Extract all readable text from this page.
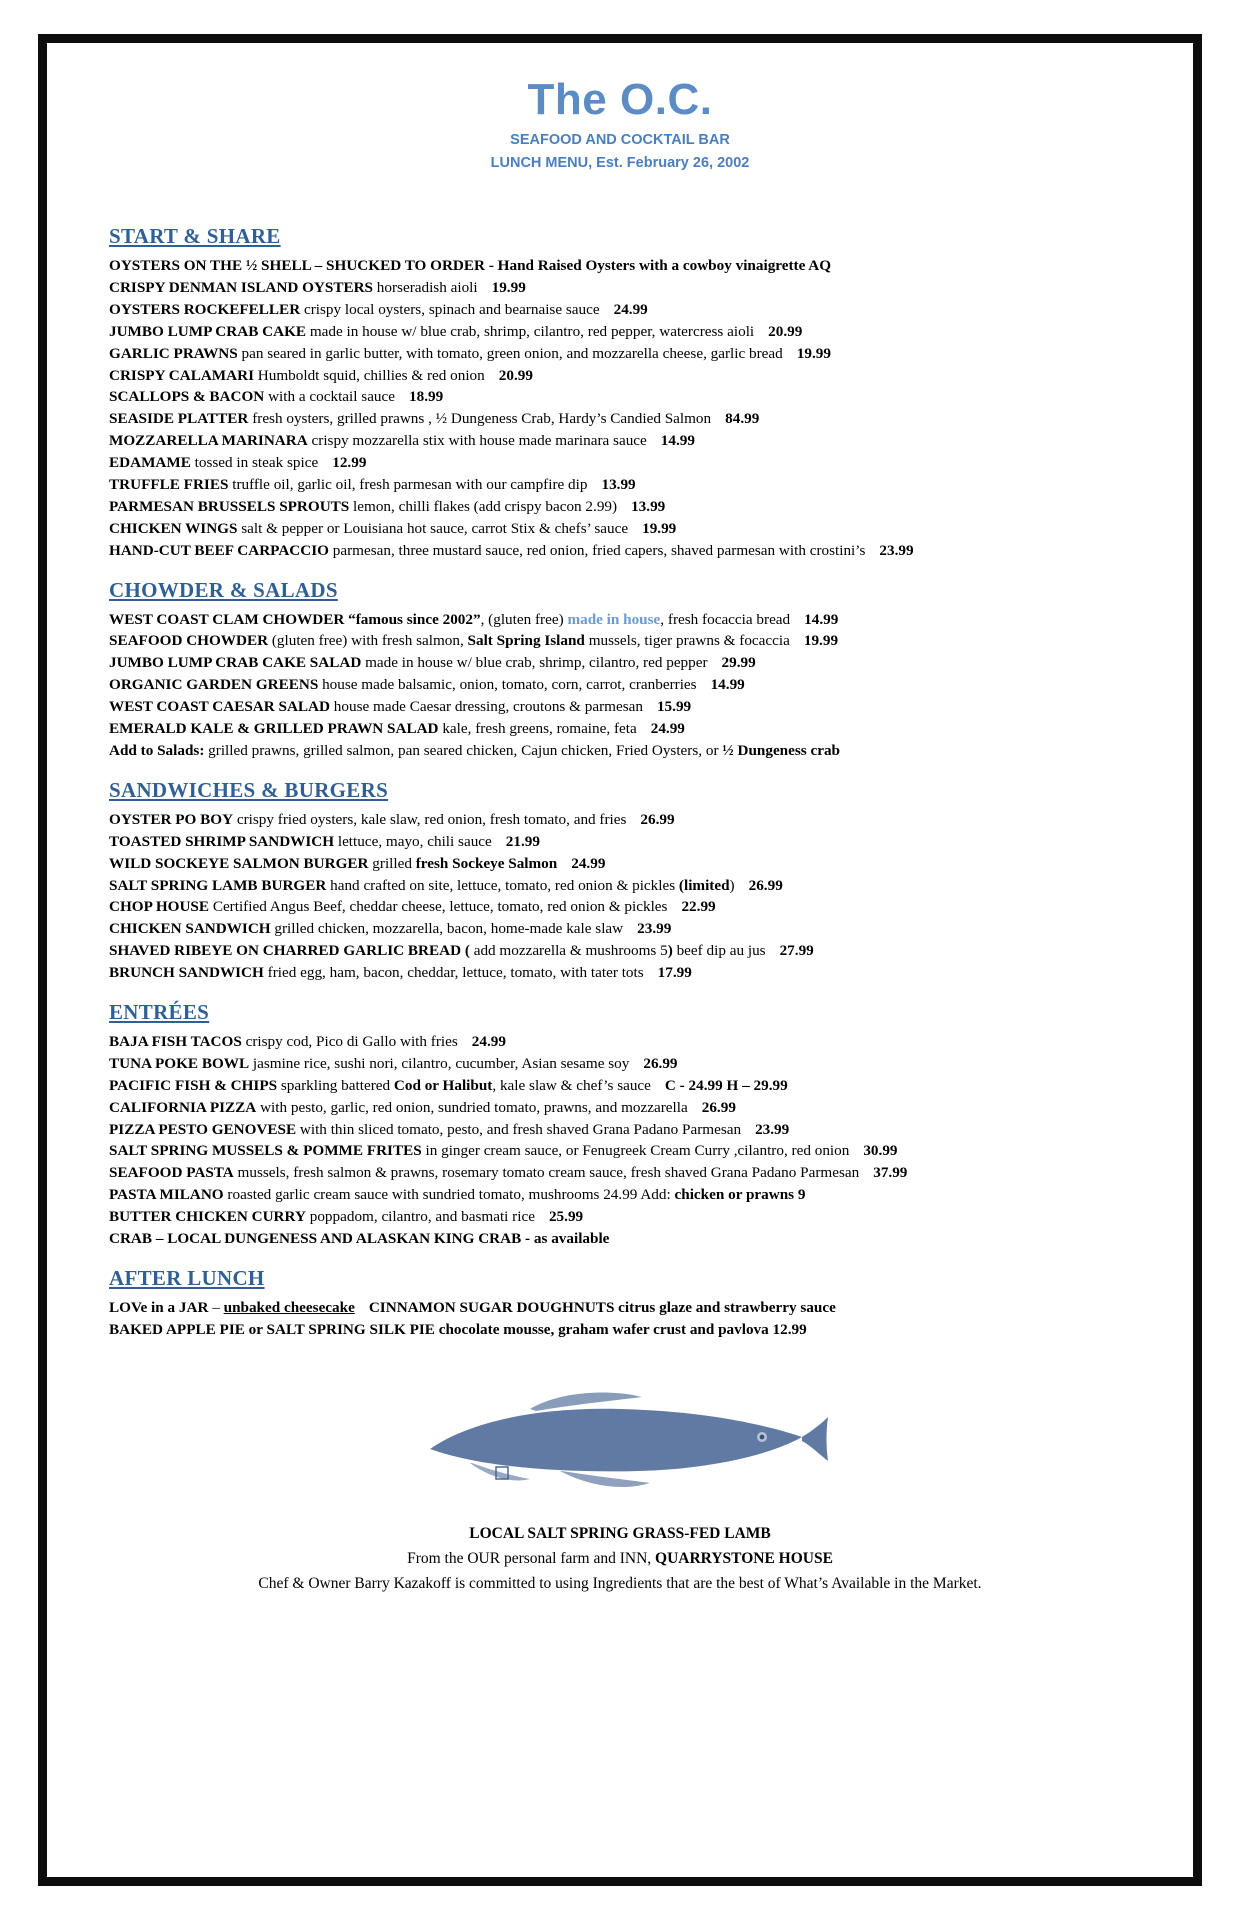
The O.C.
SEAFOOD AND COCKTAIL BAR
LUNCH MENU, Est. February 26, 2002
START & SHARE
OYSTERS ON THE ½ SHELL – SHUCKED TO ORDER - Hand Raised Oysters with a cowboy vinaigrette AQ
CRISPY DENMAN ISLAND OYSTERS horseradish aioli 19.99
OYSTERS ROCKEFELLER crispy local oysters, spinach and bearnaise sauce 24.99
JUMBO LUMP CRAB CAKE made in house w/ blue crab, shrimp, cilantro, red pepper, watercress aioli 20.99
GARLIC PRAWNS pan seared in garlic butter, with tomato, green onion, and mozzarella cheese, garlic bread 19.99
CRISPY CALAMARI Humboldt squid, chillies & red onion 20.99
SCALLOPS & BACON with a cocktail sauce 18.99
SEASIDE PLATTER fresh oysters, grilled prawns , ½ Dungeness Crab, Hardy’s Candied Salmon 84.99
MOZZARELLA MARINARA crispy mozzarella stix with house made marinara sauce 14.99
EDAMAME tossed in steak spice 12.99
TRUFFLE FRIES truffle oil, garlic oil, fresh parmesan with our campfire dip 13.99
PARMESAN BRUSSELS SPROUTS lemon, chilli flakes (add crispy bacon 2.99) 13.99
CHICKEN WINGS salt & pepper or Louisiana hot sauce, carrot Stix & chefs’ sauce 19.99
HAND-CUT BEEF CARPACCIO parmesan, three mustard sauce, red onion, fried capers, shaved parmesan with crostini’s 23.99
CHOWDER & SALADS
WEST COAST CLAM CHOWDER “famous since 2002”, (gluten free) made in house, fresh focaccia bread 14.99
SEAFOOD CHOWDER (gluten free) with fresh salmon, Salt Spring Island mussels, tiger prawns & focaccia 19.99
JUMBO LUMP CRAB CAKE SALAD made in house w/ blue crab, shrimp, cilantro, red pepper 29.99
ORGANIC GARDEN GREENS house made balsamic, onion, tomato, corn, carrot, cranberries 14.99
WEST COAST CAESAR SALAD house made Caesar dressing, croutons & parmesan 15.99
EMERALD KALE & GRILLED PRAWN SALAD kale, fresh greens, romaine, feta 24.99
Add to Salads: grilled prawns, grilled salmon, pan seared chicken, Cajun chicken, Fried Oysters, or ½ Dungeness crab
SANDWICHES & BURGERS
OYSTER PO BOY crispy fried oysters, kale slaw, red onion, fresh tomato, and fries 26.99
TOASTED SHRIMP SANDWICH lettuce, mayo, chili sauce 21.99
WILD SOCKEYE SALMON BURGER grilled fresh Sockeye Salmon 24.99
SALT SPRING LAMB BURGER hand crafted on site, lettuce, tomato, red onion & pickles (limited) 26.99
CHOP HOUSE Certified Angus Beef, cheddar cheese, lettuce, tomato, red onion & pickles 22.99
CHICKEN SANDWICH grilled chicken, mozzarella, bacon, home-made kale slaw 23.99
SHAVED RIBEYE ON CHARRED GARLIC BREAD ( add mozzarella & mushrooms 5) beef dip au jus 27.99
BRUNCH SANDWICH fried egg, ham, bacon, cheddar, lettuce, tomato, with tater tots 17.99
ENTRÉES
BAJA FISH TACOS crispy cod, Pico di Gallo with fries 24.99
TUNA POKE BOWL jasmine rice, sushi nori, cilantro, cucumber, Asian sesame soy 26.99
PACIFIC FISH & CHIPS sparkling battered Cod or Halibut, kale slaw & chef’s sauce C - 24.99 H – 29.99
CALIFORNIA PIZZA with pesto, garlic, red onion, sundried tomato, prawns, and mozzarella 26.99
PIZZA PESTO GENOVESE with thin sliced tomato, pesto, and fresh shaved Grana Padano Parmesan 23.99
SALT SPRING MUSSELS & POMME FRITES in ginger cream sauce, or Fenugreek Cream Curry ,cilantro, red onion 30.99
SEAFOOD PASTA mussels, fresh salmon & prawns, rosemary tomato cream sauce, fresh shaved Grana Padano Parmesan 37.99
PASTA MILANO roasted garlic cream sauce with sundried tomato, mushrooms 24.99 Add: chicken or prawns 9
BUTTER CHICKEN CURRY poppadom, cilantro, and basmati rice 25.99
CRAB – LOCAL DUNGENESS AND ALASKAN KING CRAB - as available
AFTER LUNCH
LOVe in a JAR – unbaked cheesecake CINNAMON SUGAR DOUGHNUTS citrus glaze and strawberry sauce
BAKED APPLE PIE or SALT SPRING SILK PIE chocolate mousse, graham wafer crust and pavlova 12.99
LOCAL SALT SPRING GRASS-FED LAMB
From the OUR personal farm and INN, QUARRYSTONE HOUSE
Chef & Owner Barry Kazakoff is committed to using Ingredients that are the best of What’s Available in the Market.
